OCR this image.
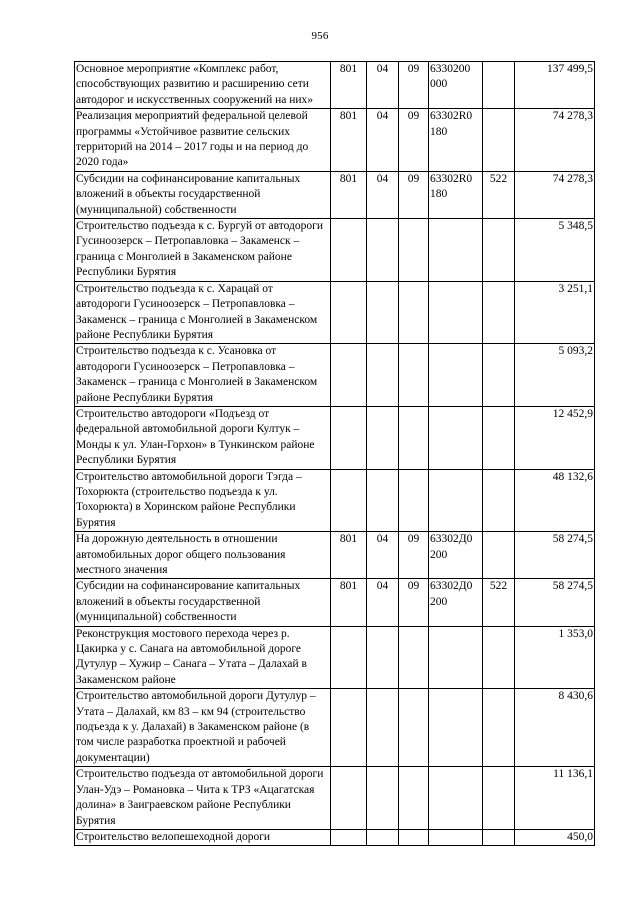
956
Основное мероприятие «Комплекс работ, способствующих развитию и расширению сети автодорог и искусственных сооружений на них»	801	04	09	6330200 000		137 499,5
Реализация мероприятий федеральной целевой программы «Устойчивое развитие сельских территорий на 2014 – 2017 годы и на период до 2020 года»	801	04	09	63302R0 180		74 278,3
Субсидии на софинансирование капитальных вложений в объекты государственной (муниципальной) собственности	801	04	09	63302R0 180	522	74 278,3
Строительство подъезда к с. Бургуй от автодороги Гусиноозерск – Петропавловка – Закаменск – граница с Монголией в Закаменском районе Республики Бурятия						5 348,5
Строительство подъезда к с. Харацай от автодороги Гусиноозерск – Петропавловка – Закаменск – граница с Монголией в Закаменском районе Республики Бурятия						3 251,1
Строительство подъезда к с. Усановка от автодороги Гусиноозерск – Петропавловка – Закаменск – граница с Монголией в Закаменском районе Республики Бурятия						5 093,2
Строительство автодороги «Подъезд от федеральной автомобильной дороги Култук – Монды к ул. Улан-Горхон» в Тункинском районе Республики Бурятия						12 452,9
Строительство автомобильной дороги Тэгда – Тохорюкта (строительство подъезда к ул. Тохорюкта) в Хоринском районе Республики Бурятия						48 132,6
На дорожную деятельность в отношении автомобильных дорог общего пользования местного значения	801	04	09	63302Д0 200		58 274,5
Субсидии на софинансирование капитальных вложений в объекты государственной (муниципальной) собственности	801	04	09	63302Д0 200	522	58 274,5
Реконструкция мостового перехода через р. Цакирка у с. Санага на автомобильной дороге Дутулур – Хужир – Санага – Утата – Далахай в Закаменском районе						1 353,0
Строительство автомобильной дороги Дутулур – Утата – Далахай, км 83 – км 94 (строительство подъезда к у. Далахай) в Закаменском районе (в том числе разработка проектной и рабочей документации)						8 430,6
Строительство подъезда от автомобильной дороги Улан-Удэ – Романовка – Чита к ТРЗ «Ацагатская долина» в Заиграевском районе Республики Бурятия						11 136,1
Строительство велопешеходной дороги						450,0
